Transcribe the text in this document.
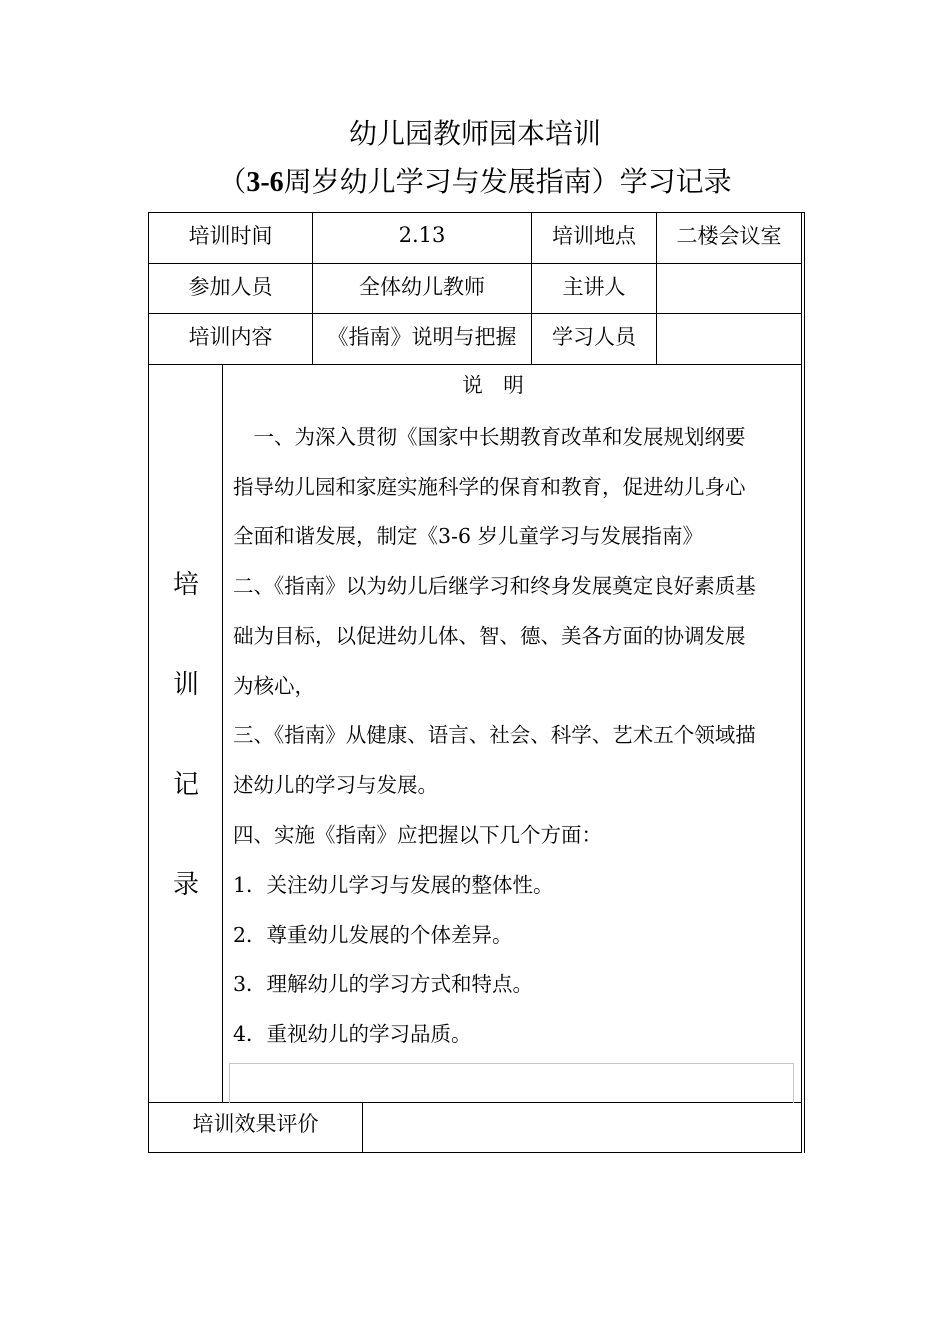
幼儿园教师园本培训
（3-6周岁幼儿学习与发展指南）学习记录
培训时间	2.13	培训地点	二楼会议室
参加人员	全体幼儿教师	主讲人
培训内容	《指南》说明与把握	学习人员
培
训
记
录
说　明
　一、为深入贯彻《国家中长期教育改革和发展规划纲要
指导幼儿园和家庭实施科学的保育和教育，促进幼儿身心
全面和谐发展，制定《3-6 岁儿童学习与发展指南》
二、《指南》以为幼儿后继学习和终身发展奠定良好素质基
础为目标，以促进幼儿体、智、德、美各方面的协调发展
为核心，
三、《指南》从健康、语言、社会、科学、艺术五个领域描
述幼儿的学习与发展。
四、实施《指南》应把握以下几个方面：
1．关注幼儿学习与发展的整体性。
2．尊重幼儿发展的个体差异。
3．理解幼儿的学习方式和特点。
4．重视幼儿的学习品质。
培训效果评价
